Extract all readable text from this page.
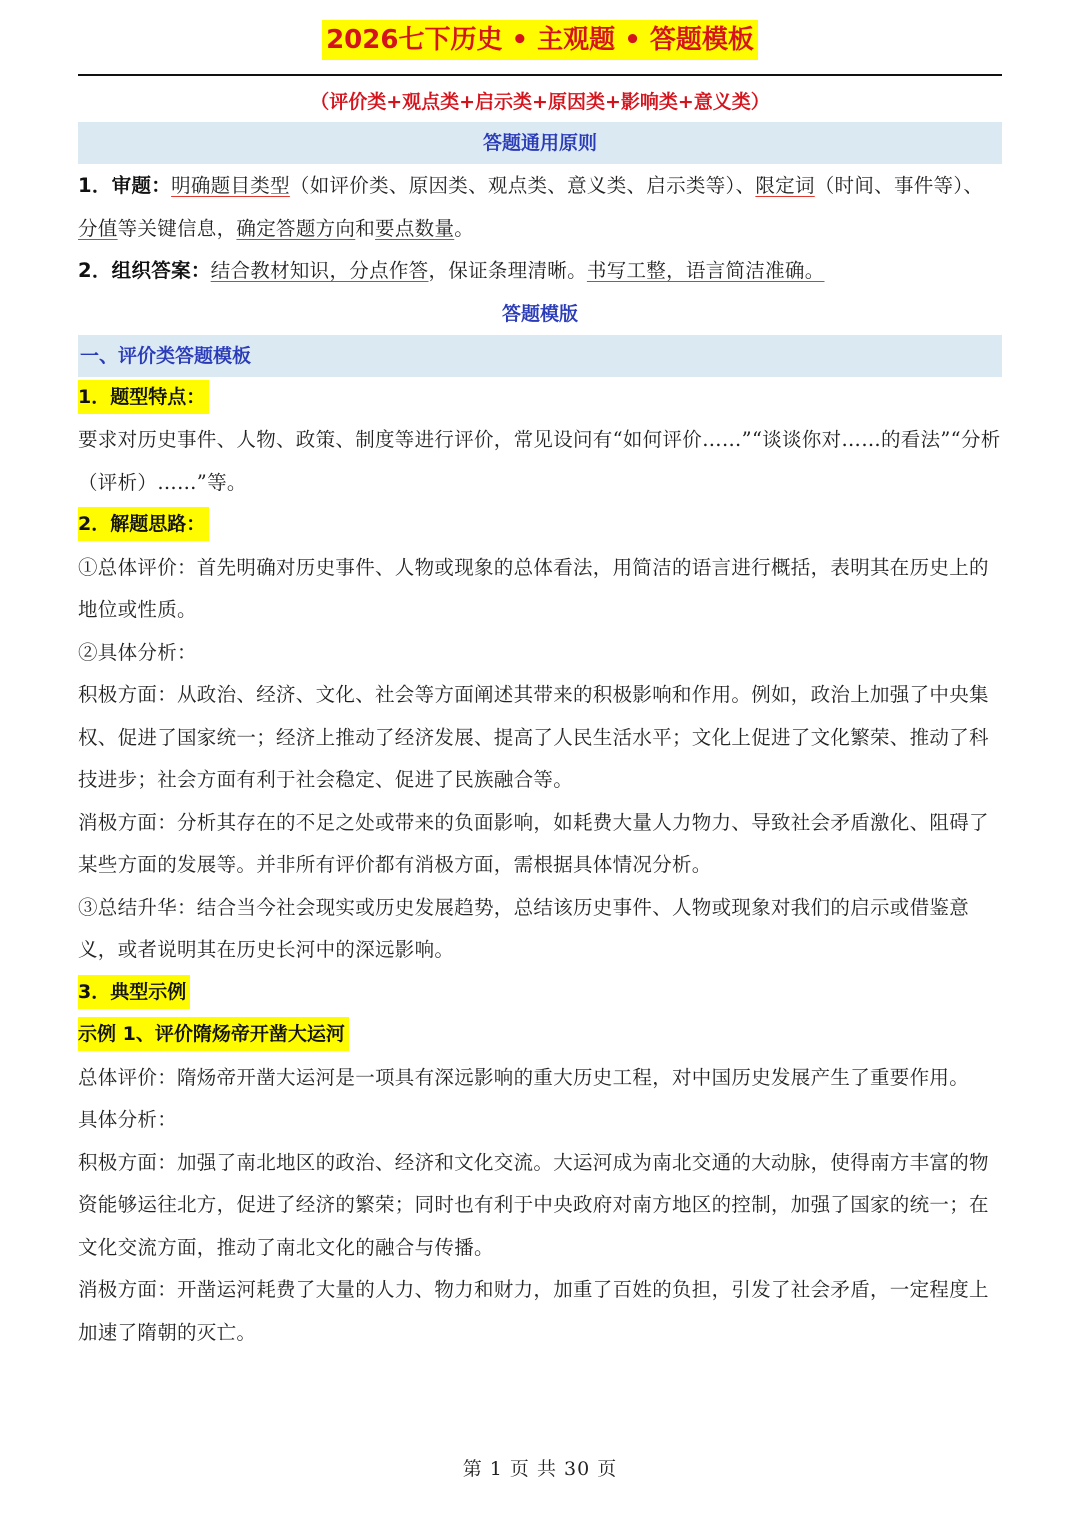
2026七下历史 • 主观题 • 答题模板
（评价类+观点类+启示类+原因类+影响类+意义类）
答题通用原则
1．审题：明确题目类型（如评价类、原因类、观点类、意义类、启示类等）、限定词（时间、事件等）、分值等关键信息，确定答题方向和要点数量。
2．组织答案：结合教材知识，分点作答，保证条理清晰。书写工整，语言简洁准确。
答题模版
一、评价类答题模板
1．题型特点：
要求对历史事件、人物、政策、制度等进行评价，常见设问有“如何评价……”“谈谈你对……的看法”“分析（评析）……”等。
2．解题思路：
①总体评价：首先明确对历史事件、人物或现象的总体看法，用简洁的语言进行概括，表明其在历史上的地位或性质。
②具体分析：
积极方面：从政治、经济、文化、社会等方面阐述其带来的积极影响和作用。例如，政治上加强了中央集权、促进了国家统一；经济上推动了经济发展、提高了人民生活水平；文化上促进了文化繁荣、推动了科技进步；社会方面有利于社会稳定、促进了民族融合等。
消极方面：分析其存在的不足之处或带来的负面影响，如耗费大量人力物力、导致社会矛盾激化、阻碍了某些方面的发展等。并非所有评价都有消极方面，需根据具体情况分析。
③总结升华：结合当今社会现实或历史发展趋势，总结该历史事件、人物或现象对我们的启示或借鉴意义，或者说明其在历史长河中的深远影响。
3．典型示例
示例 1、评价隋炀帝开凿大运河
总体评价：隋炀帝开凿大运河是一项具有深远影响的重大历史工程，对中国历史发展产生了重要作用。
具体分析：
积极方面：加强了南北地区的政治、经济和文化交流。大运河成为南北交通的大动脉，使得南方丰富的物资能够运往北方，促进了经济的繁荣；同时也有利于中央政府对南方地区的控制，加强了国家的统一；在文化交流方面，推动了南北文化的融合与传播。
消极方面：开凿运河耗费了大量的人力、物力和财力，加重了百姓的负担，引发了社会矛盾，一定程度上加速了隋朝的灭亡。
第 1 页 共 30 页
